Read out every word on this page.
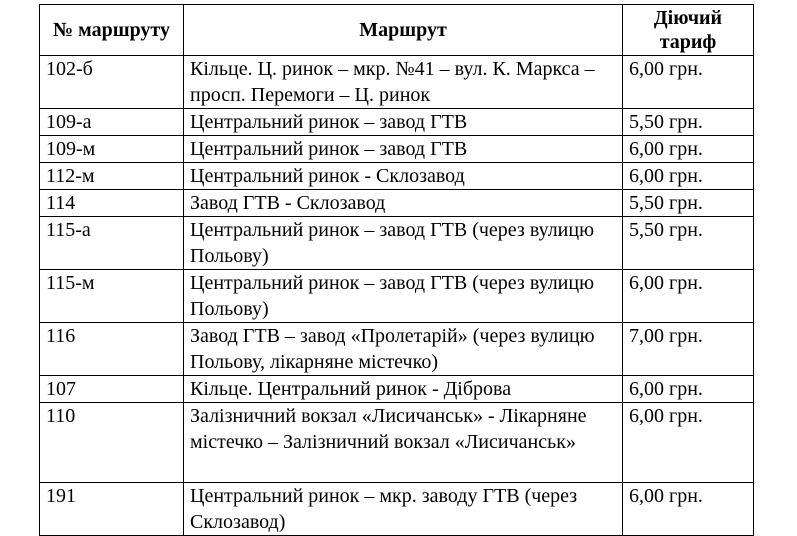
№ маршруту	Маршрут	Діючий тариф
102-б	Кільце. Ц. ринок – мкр. №41 – вул. К. Маркса – просп. Перемоги – Ц. ринок	6,00 грн.
109-а	Центральний ринок – завод ГТВ	5,50 грн.
109-м	Центральний ринок – завод ГТВ	6,00 грн.
112-м	Центральний ринок - Склозавод	6,00 грн.
114	Завод ГТВ - Склозавод	5,50 грн.
115-а	Центральний ринок – завод ГТВ (через вулицю Польову)	5,50 грн.
115-м	Центральний ринок – завод ГТВ (через вулицю Польову)	6,00 грн.
116	Завод ГТВ – завод «Пролетарій» (через вулицю Польову, лікарняне містечко)	7,00 грн.
107	Кільце. Центральний ринок - Діброва	6,00 грн.
110	Залізничний вокзал «Лисичанськ» - Лікарняне містечко – Залізничний вокзал «Лисичанськ»	6,00 грн.
191	Центральний ринок – мкр. заводу ГТВ (через Склозавод)	6,00 грн.
